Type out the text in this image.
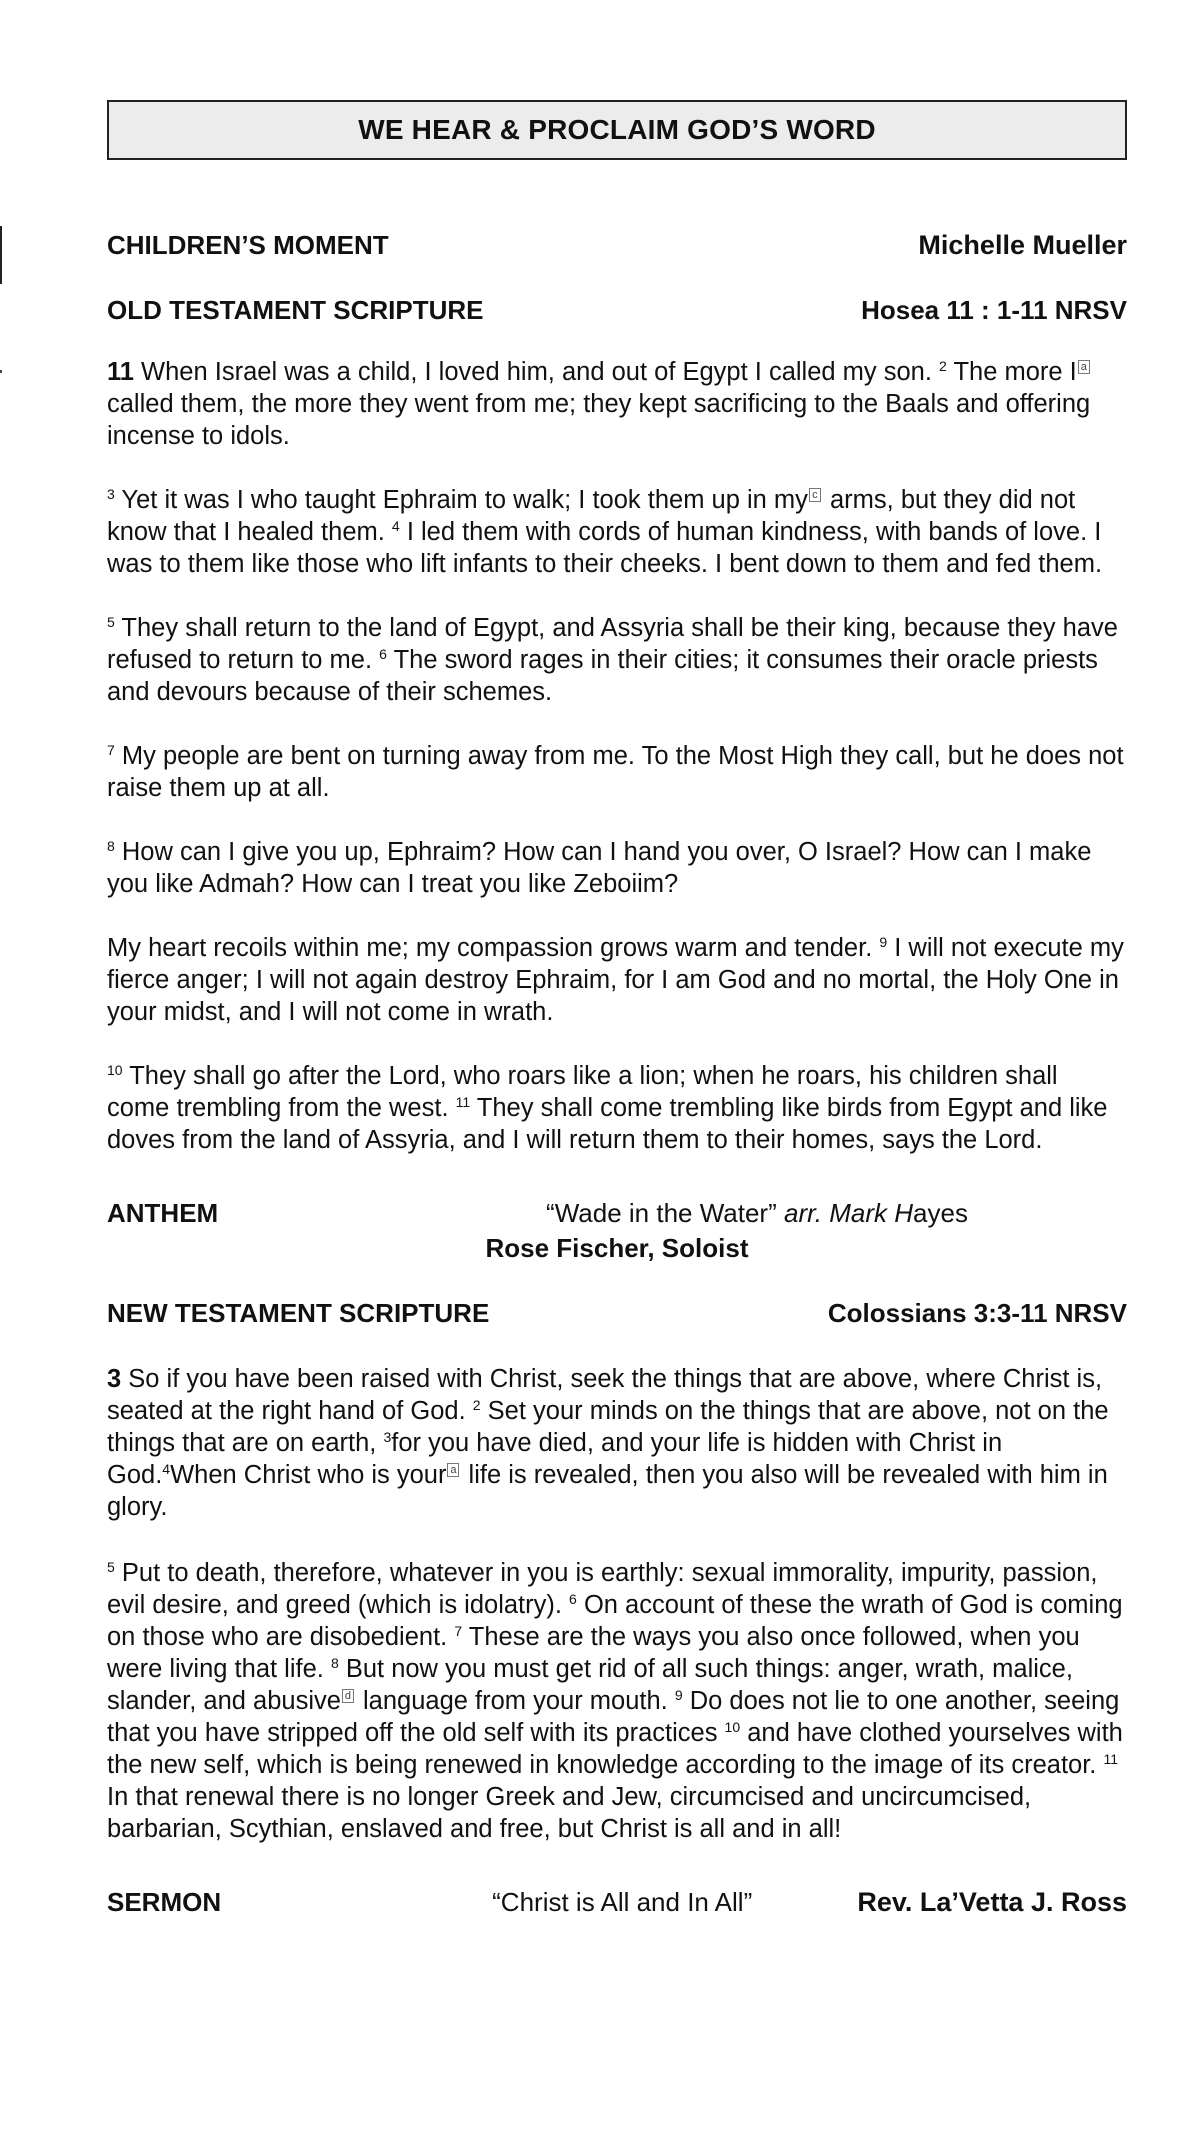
WE HEAR & PROCLAIM GOD’S WORD
CHILDREN’S MOMENT	Michelle Mueller
OLD TESTAMENT SCRIPTURE	Hosea 11 : 1-11 NRSV

11 When Israel was a child, I loved him, and out of Egypt I called my son. $^2$ The more I a called them, the more they went from me; they kept sacrificing to the Baals and offering incense to idols.

$^3$ Yet it was I who taught Ephraim to walk; I took them up in my c arms, but they did not know that I healed them. $^4$ I led them with cords of human kindness, with bands of love. I was to them like those who lift infants to their cheeks. I bent down to them and fed them.

$^5$ They shall return to the land of Egypt, and Assyria shall be their king, because they have refused to return to me. $^6$ The sword rages in their cities; it consumes their oracle priests and devours because of their schemes.

$^7$ My people are bent on turning away from me. To the Most High they call, but he does not raise them up at all.

$^8$ How can I give you up, Ephraim? How can I hand you over, O Israel? How can I make you like Admah? How can I treat you like Zeboiim?

My heart recoils within me; my compassion grows warm and tender. $^9$ I will not execute my fierce anger; I will not again destroy Ephraim, for I am God and no mortal, the Holy One in your midst, and I will not come in wrath.

$^{10}$ They shall go after the Lord, who roars like a lion; when he roars, his children shall come trembling from the west. $^{11}$ They shall come trembling like birds from Egypt and like doves from the land of Assyria, and I will return them to their homes, says the Lord.

ANTHEM	“Wade in the Water” arr. Mark Hayes
Rose Fischer, Soloist
NEW TESTAMENT SCRIPTURE	Colossians 3:3-11 NRSV

3 So if you have been raised with Christ, seek the things that are above, where Christ is, seated at the right hand of God. $^2$ Set your minds on the things that are above, not on the things that are on earth, $^3$for you have died, and your life is hidden with Christ in God.$^4$When Christ who is your a life is revealed, then you also will be revealed with him in glory.

$^5$ Put to death, therefore, whatever in you is earthly: sexual immorality, impurity, passion, evil desire, and greed (which is idolatry). $^6$ On account of these the wrath of God is coming on those who are disobedient. $^7$ These are the ways you also once followed, when you were living that life. $^8$ But now you must get rid of all such things: anger, wrath, malice, slander, and abusive d language from your mouth. $^9$ Do does not lie to one another, seeing that you have stripped off the old self with its practices $^{10}$ and have clothed yourselves with the new self, which is being renewed in knowledge according to the image of its creator. $^{11}$ In that renewal there is no longer Greek and Jew, circumcised and uncircumcised, barbarian, Scythian, enslaved and free, but Christ is all and in all!

SERMON	“Christ is All and In All”	Rev. La’Vetta J. Ross
